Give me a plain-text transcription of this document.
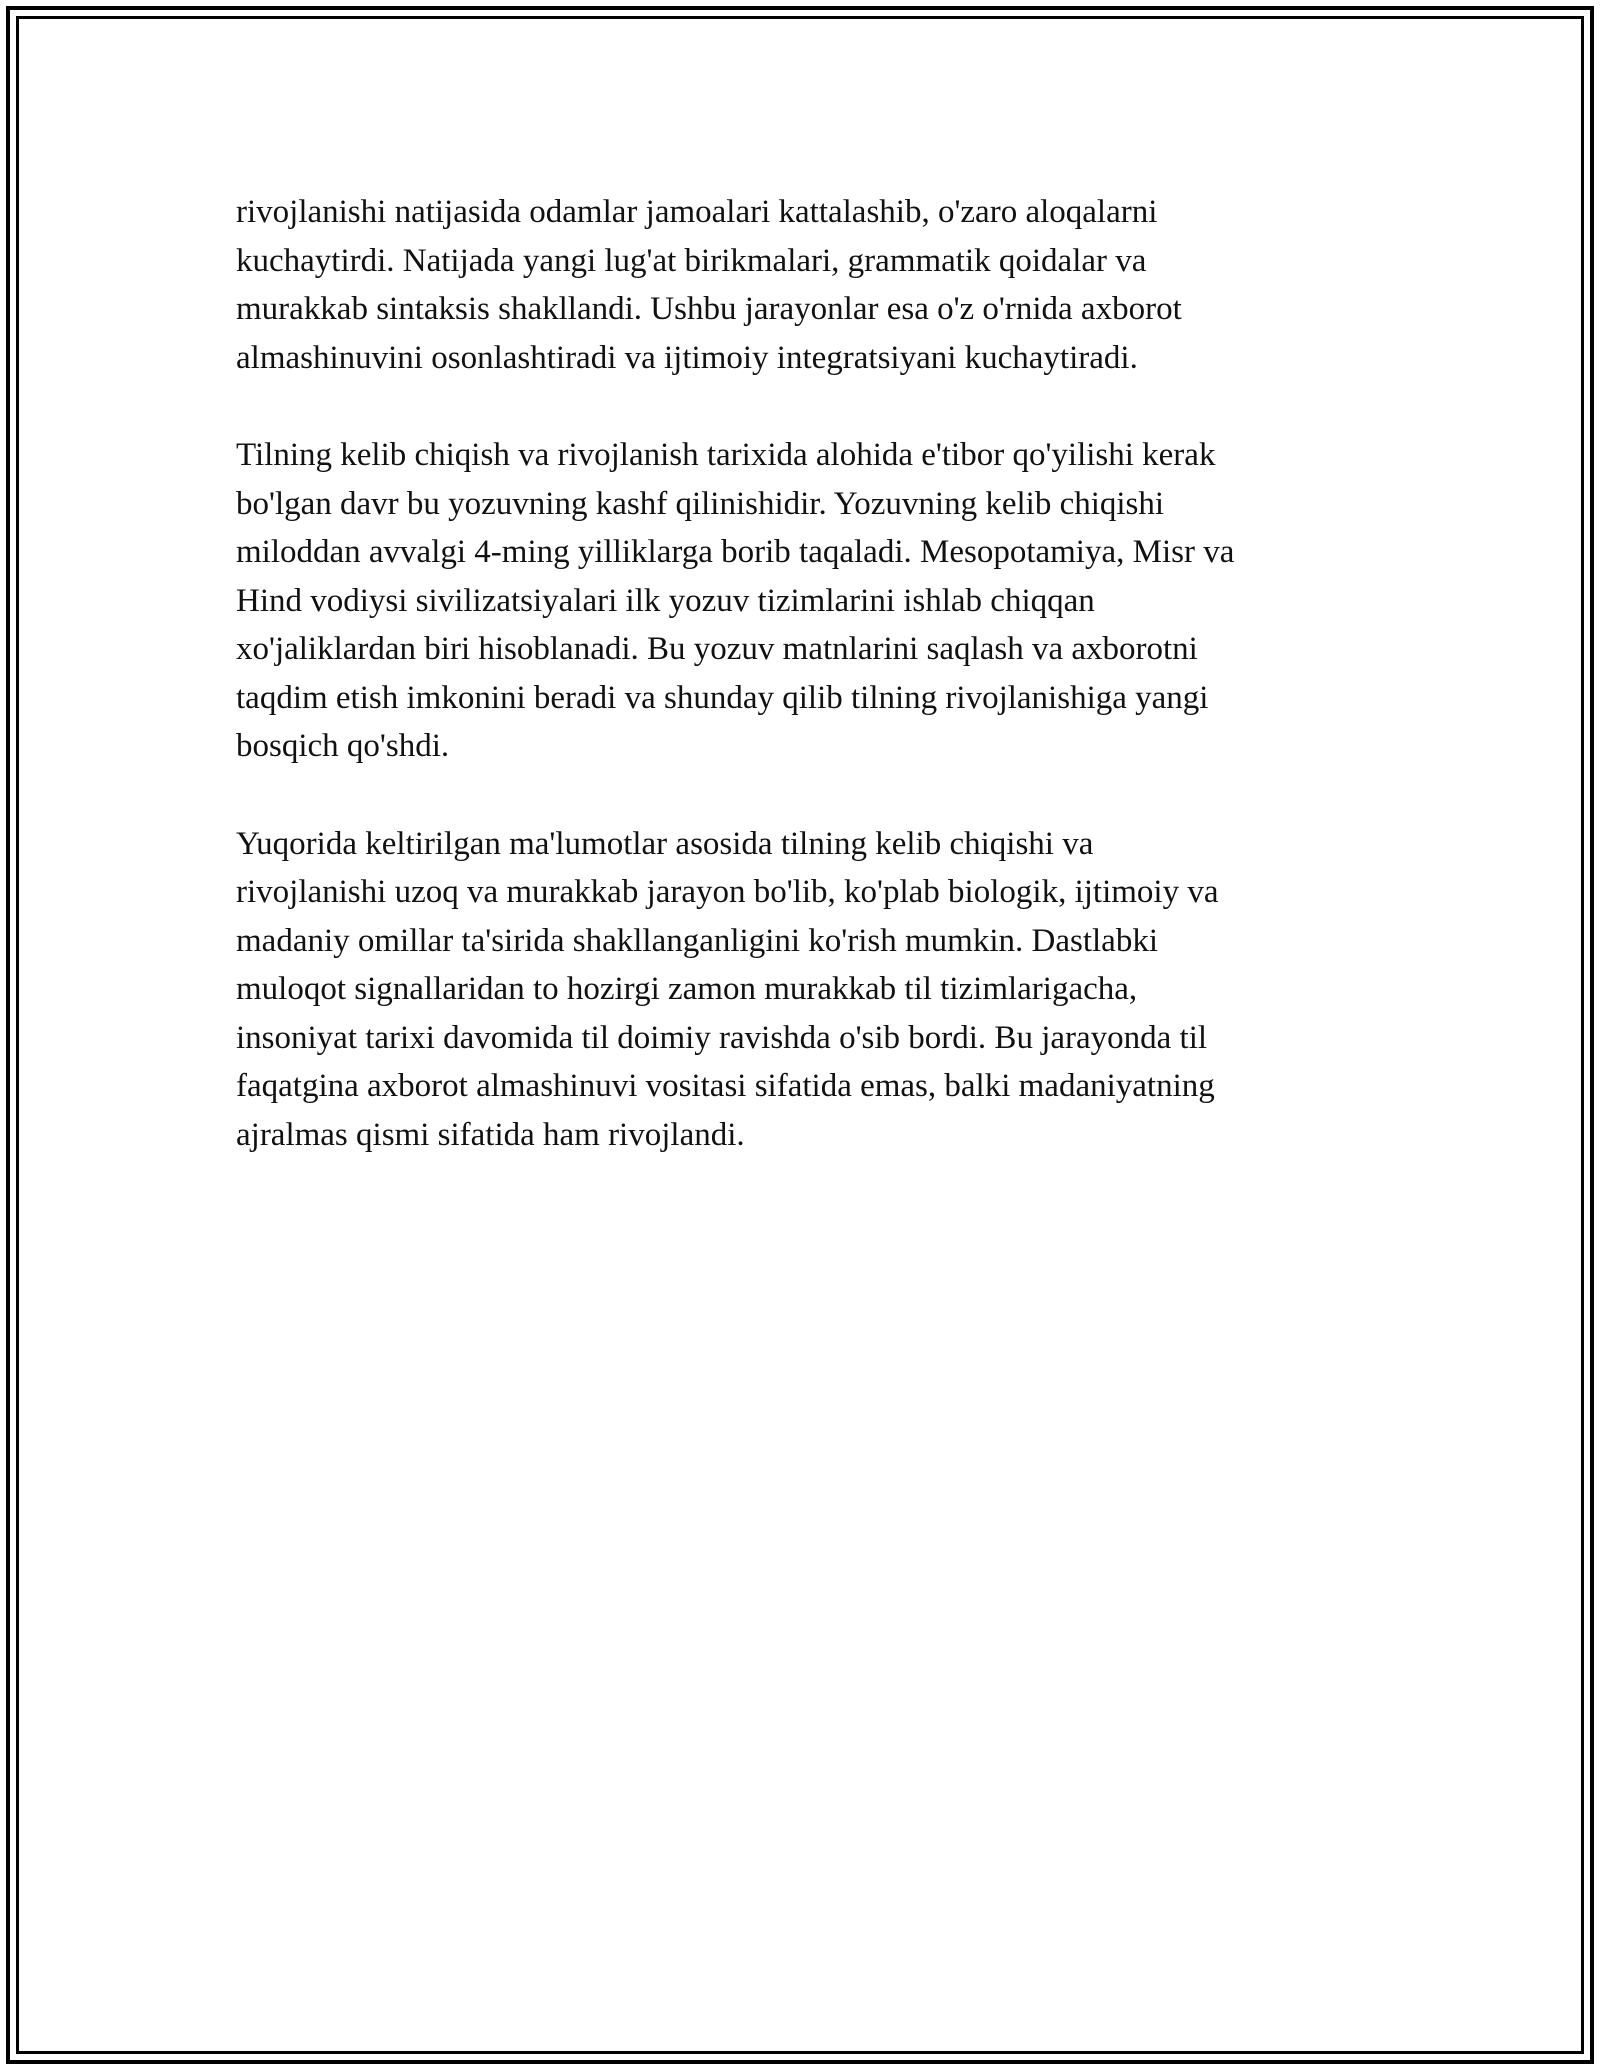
rivojlanishi natijasida odamlar jamoalari kattalashib, o'zaro aloqalarni
kuchaytirdi. Natijada yangi lug'at birikmalari, grammatik qoidalar va
murakkab sintaksis shakllandi. Ushbu jarayonlar esa o'z o'rnida axborot
almashinuvini osonlashtiradi va ijtimoiy integratsiyani kuchaytiradi.

Tilning kelib chiqish va rivojlanish tarixida alohida e'tibor qo'yilishi kerak
bo'lgan davr bu yozuvning kashf qilinishidir. Yozuvning kelib chiqishi
miloddan avvalgi 4-ming yilliklarga borib taqaladi. Mesopotamiya, Misr va
Hind vodiysi sivilizatsiyalari ilk yozuv tizimlarini ishlab chiqqan
xo'jaliklardan biri hisoblanadi. Bu yozuv matnlarini saqlash va axborotni
taqdim etish imkonini beradi va shunday qilib tilning rivojlanishiga yangi
bosqich qo'shdi.

Yuqorida keltirilgan ma'lumotlar asosida tilning kelib chiqishi va
rivojlanishi uzoq va murakkab jarayon bo'lib, ko'plab biologik, ijtimoiy va
madaniy omillar ta'sirida shakllanganligini ko'rish mumkin. Dastlabki
muloqot signallaridan to hozirgi zamon murakkab til tizimlarigacha,
insoniyat tarixi davomida til doimiy ravishda o'sib bordi. Bu jarayonda til
faqatgina axborot almashinuvi vositasi sifatida emas, balki madaniyatning
ajralmas qismi sifatida ham rivojlandi.
